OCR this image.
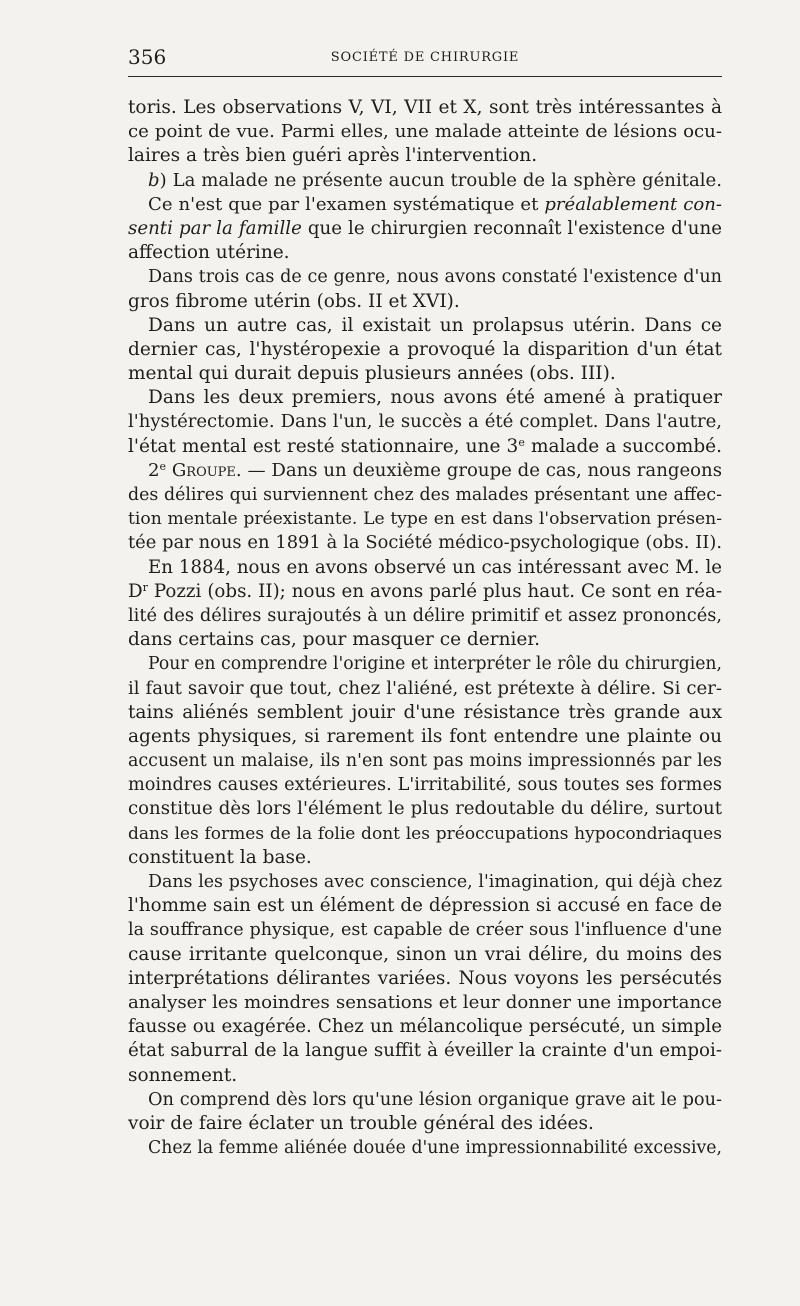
356	SOCIÉTÉ DE CHIRURGIE
toris. Les observations V, VI, VII et X, sont très intéressantes à
ce point de vue. Parmi elles, une malade atteinte de lésions ocu-
laires a très bien guéri après l'intervention.
b) La malade ne présente aucun trouble de la sphère génitale.
Ce n'est que par l'examen systématique et préalablement con-
senti par la famille que le chirurgien reconnaît l'existence d'une
affection utérine.
Dans trois cas de ce genre, nous avons constaté l'existence d'un
gros fibrome utérin (obs. II et XVI).
Dans un autre cas, il existait un prolapsus utérin. Dans ce
dernier cas, l'hystéropexie a provoqué la disparition d'un état
mental qui durait depuis plusieurs années (obs. III).
Dans les deux premiers, nous avons été amené à pratiquer
l'hystérectomie. Dans l'un, le succès a été complet. Dans l'autre,
l'état mental est resté stationnaire, une 3e malade a succombé.
2e Groupe. — Dans un deuxième groupe de cas, nous rangeons
des délires qui surviennent chez des malades présentant une affec-
tion mentale préexistante. Le type en est dans l'observation présen-
tée par nous en 1891 à la Société médico-psychologique (obs. II).
En 1884, nous en avons observé un cas intéressant avec M. le
$D^r$ Pozzi (obs. II); nous en avons parlé plus haut. Ce sont en réa-
lité des délires surajoutés à un délire primitif et assez prononcés,
dans certains cas, pour masquer ce dernier.
Pour en comprendre l'origine et interpréter le rôle du chirurgien,
il faut savoir que tout, chez l'aliéné, est prétexte à délire. Si cer-
tains aliénés semblent jouir d'une résistance très grande aux
agents physiques, si rarement ils font entendre une plainte ou
accusent un malaise, ils n'en sont pas moins impressionnés par les
moindres causes extérieures. L'irritabilité, sous toutes ses formes
constitue dès lors l'élément le plus redoutable du délire, surtout
dans les formes de la folie dont les préoccupations hypocondriaques
constituent la base.
Dans les psychoses avec conscience, l'imagination, qui déjà chez
l'homme sain est un élément de dépression si accusé en face de
la souffrance physique, est capable de créer sous l'influence d'une
cause irritante quelconque, sinon un vrai délire, du moins des
interprétations délirantes variées. Nous voyons les persécutés
analyser les moindres sensations et leur donner une importance
fausse ou exagérée. Chez un mélancolique persécuté, un simple
état saburral de la langue suffit à éveiller la crainte d'un empoi-
sonnement.
On comprend dès lors qu'une lésion organique grave ait le pou-
voir de faire éclater un trouble général des idées.
Chez la femme aliénée douée d'une impressionnabilité excessive,
